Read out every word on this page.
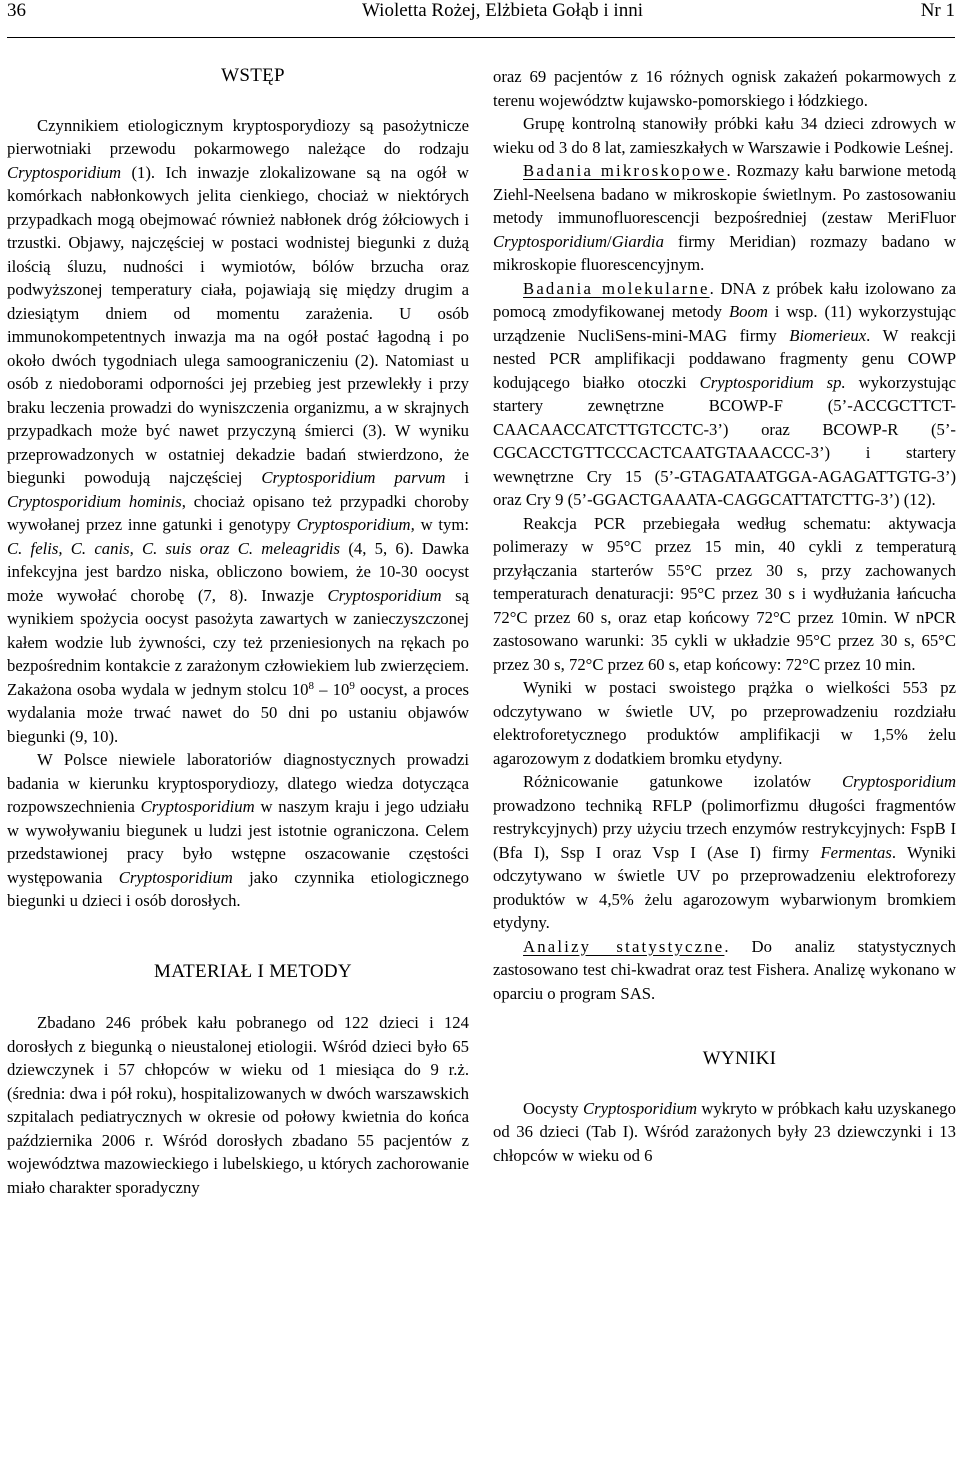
36	Wioletta Rożej, Elżbieta Gołąb i inni	Nr 1

WSTĘP

Czynnikiem etiologicznym kryptosporydiozy są pasożytnicze pierwotniaki przewodu pokarmowego należące do rodzaju Cryptosporidium (1). Ich inwazje zlokalizowane są na ogół w komórkach nabłonkowych jelita cienkiego, chociaż w niektórych przypadkach mogą obejmować również nabłonek dróg żółciowych i trzustki. Objawy, najczęściej w postaci wodnistej biegunki z dużą ilością śluzu, nudności i wymiotów, bólów brzucha oraz podwyższonej temperatury ciała, pojawiają się między drugim a dziesiątym dniem od momentu zarażenia. U osób immunokompetentnych inwazja ma na ogół postać łagodną i po około dwóch tygodniach ulega samoograniczeniu (2). Natomiast u osób z niedoborami odporności jej przebieg jest przewlekły i przy braku leczenia prowadzi do wyniszczenia organizmu, a w skrajnych przypadkach może być nawet przyczyną śmierci (3). W wyniku przeprowadzonych w ostatniej dekadzie badań stwierdzono, że biegunki powodują najczęściej Cryptosporidium parvum i Cryptosporidium hominis, chociaż opisano też przypadki choroby wywołanej przez inne gatunki i genotypy Cryptosporidium, w tym: C. felis, C. canis, C. suis oraz C. meleagridis (4, 5, 6). Dawka infekcyjna jest bardzo niska, obliczono bowiem, że 10-30 oocyst może wywołać chorobę (7, 8). Inwazje Cryptosporidium są wynikiem spożycia oocyst pasożyta zawartych w zanieczyszczonej kałem wodzie lub żywności, czy też przeniesionych na rękach po bezpośrednim kontakcie z zarażonym człowiekiem lub zwierzęciem. Zakażona osoba wydala w jednym stolcu $10^8 - 10^9$ oocyst, a proces wydalania może trwać nawet do 50 dni po ustaniu objawów biegunki (9, 10).

W Polsce niewiele laboratoriów diagnostycznych prowadzi badania w kierunku kryptosporydiozy, dlatego wiedza dotycząca rozpowszechnienia Cryptosporidium w naszym kraju i jego udziału w wywoływaniu biegunek u ludzi jest istotnie ograniczona. Celem przedstawionej pracy było wstępne oszacowanie częstości występowania Cryptosporidium jako czynnika etiologicznego biegunki u dzieci i osób dorosłych.

MATERIAŁ I METODY

Zbadano 246 próbek kału pobranego od 122 dzieci i 124 dorosłych z biegunką o nieustalonej etiologii. Wśród dzieci było 65 dziewczynek i 57 chłopców w wieku od 1 miesiąca do 9 r.ż. (średnia: dwa i pół roku), hospitalizowanych w dwóch warszawskich szpitalach pediatrycznych w okresie od połowy kwietnia do końca października 2006 r. Wśród dorosłych zbadano 55 pacjentów z województwa mazowieckiego i lubelskiego, u których zachorowanie miało charakter sporadyczny

oraz 69 pacjentów z 16 różnych ognisk zakażeń pokarmowych z terenu województw kujawsko-pomorskiego i łódzkiego.

Grupę kontrolną stanowiły próbki kału 34 dzieci zdrowych w wieku od 3 do 8 lat, zamieszkałych w Warszawie i Podkowie Leśnej.

Badania mikroskopowe. Rozmazy kału barwione metodą Ziehl-Neelsena badano w mikroskopie świetlnym. Po zastosowaniu metody immunofluorescencji bezpośredniej (zestaw MeriFluor Cryptosporidium/Giardia firmy Meridian) rozmazy badano w mikroskopie fluorescencyjnym.

Badania molekularne. DNA z próbek kału izolowano za pomocą zmodyfikowanej metody Boom i wsp. (11) wykorzystując urządzenie NucliSens-mini-MAG firmy Biomerieux. W reakcji nested PCR amplifikacji poddawano fragmenty genu COWP kodującego białko otoczki Cryptosporidium sp. wykorzystując startery zewnętrzne BCOWP-F (5’-ACCGCTTCT-CAACAACCATCTTGTCCTC-3’) oraz BCOWP-R (5’-CGCACCTGTTCCCACTCAATGTAAACCC-3’) i startery wewnętrzne Cry 15 (5’-GTAGATAATGGA-AGAGATTGTG-3’) oraz Cry 9 (5’-GGACTGAAATA-CAGGCATTATCTTG-3’) (12).

Reakcja PCR przebiegała według schematu: aktywacja polimerazy w 95°C przez 15 min, 40 cykli z temperaturą przyłączania starterów 55°C przez 30 s, przy zachowanych temperaturach denaturacji: 95°C przez 30 s i wydłużania łańcucha 72°C przez 60 s, oraz etap końcowy 72°C przez 10min. W nPCR zastosowano warunki: 35 cykli w układzie 95°C przez 30 s, 65°C przez 30 s, 72°C przez 60 s, etap końcowy: 72°C przez 10 min.

Wyniki w postaci swoistego prążka o wielkości 553 pz odczytywano w świetle UV, po przeprowadzeniu rozdziału elektroforetycznego produktów amplifikacji w 1,5% żelu agarozowym z dodatkiem bromku etydyny.

Różnicowanie gatunkowe izolatów Cryptosporidium prowadzono techniką RFLP (polimorfizmu długości fragmentów restrykcyjnych) przy użyciu trzech enzymów restrykcyjnych: FspB I (Bfa I), Ssp I oraz Vsp I (Ase I) firmy Fermentas. Wyniki odczytywano w świetle UV po przeprowadzeniu elektroforezy produktów w 4,5% żelu agarozowym wybarwionym bromkiem etydyny.

Analizy statystyczne. Do analiz statystycznych zastosowano test chi-kwadrat oraz test Fishera. Analizę wykonano w oparciu o program SAS.

WYNIKI

Oocysty Cryptosporidium wykryto w próbkach kału uzyskanego od 36 dzieci (Tab I). Wśród zarażonych były 23 dziewczynki i 13 chłopców w wieku od 6
